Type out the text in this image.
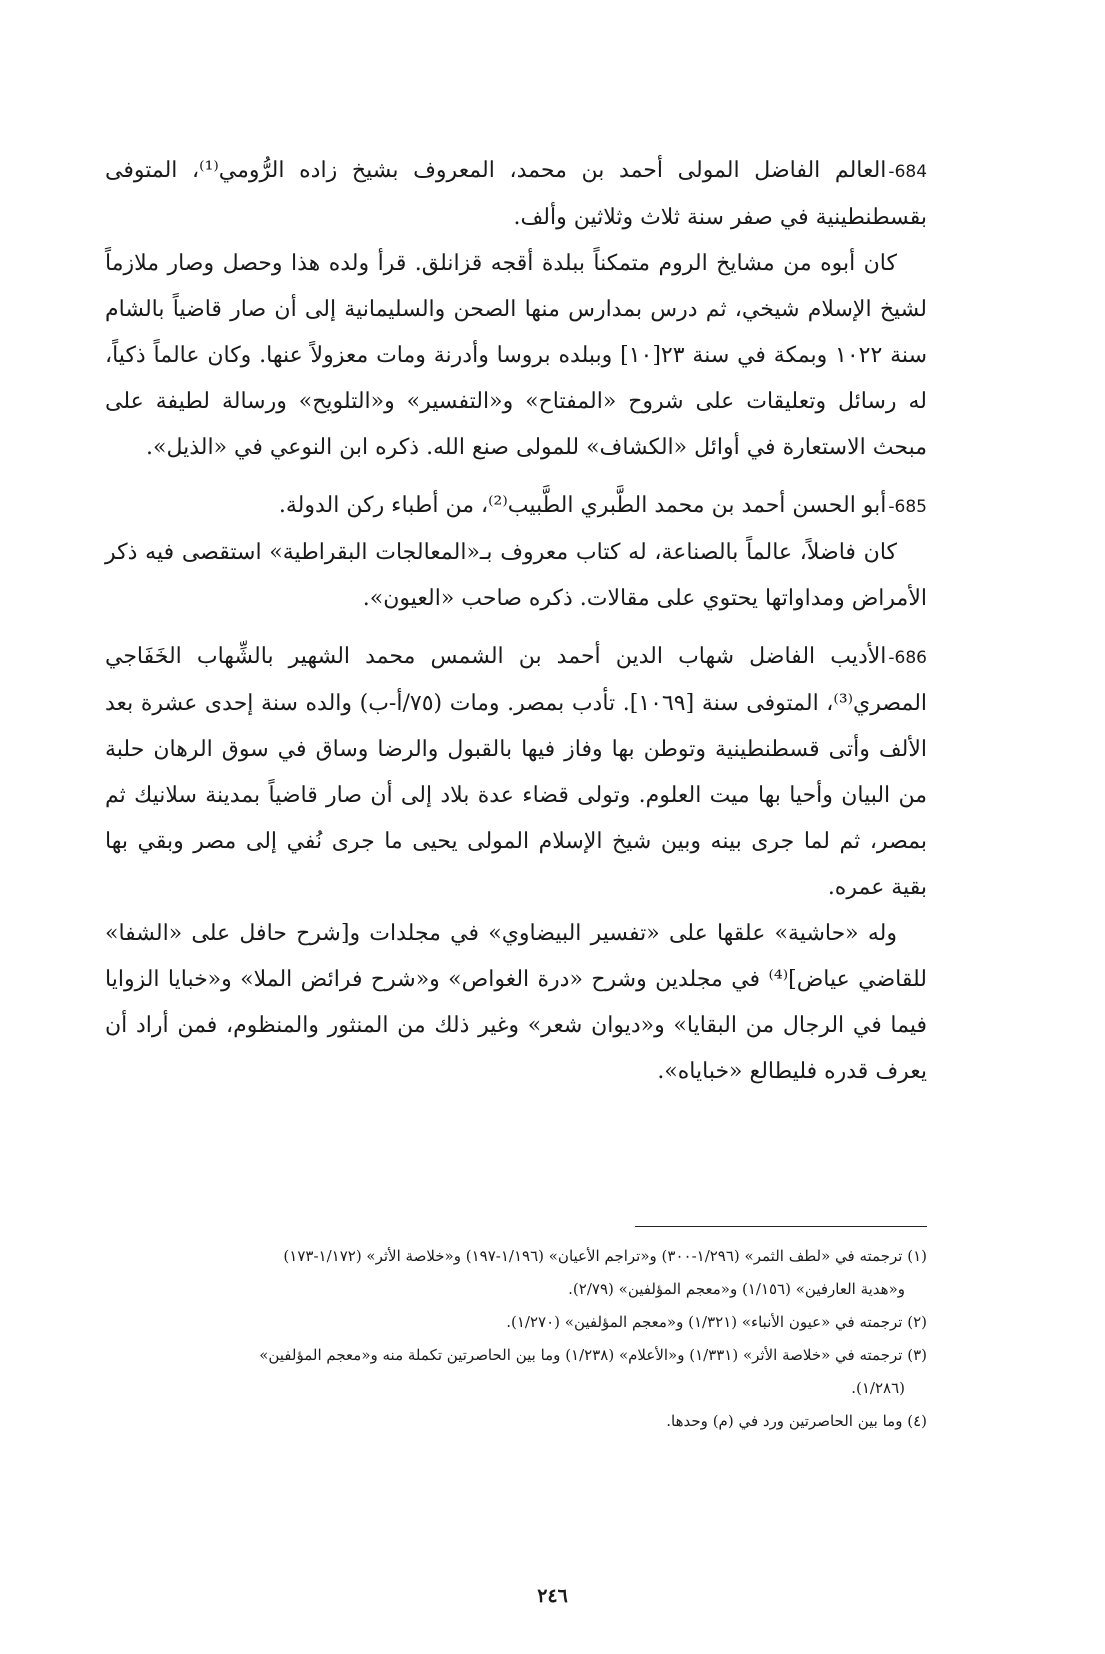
684-العالم الفاضل المولى أحمد بن محمد، المعروف بشيخ زاده الرُّومي⁽¹⁾، المتوفى بقسطنطينية في صفر سنة ثلاث وثلاثين وألف.

كان أبوه من مشايخ الروم متمكناً ببلدة أقجه قزانلق. قرأ ولده هذا وحصل وصار ملازماً لشيخ الإسلام شيخي، ثم درس بمدارس منها الصحن والسليمانية إلى أن صار قاضياً بالشام سنة ١٠٢٢ وبمكة في سنة ٢٣[١٠] وببلده بروسا وأدرنة ومات معزولاً عنها. وكان عالماً ذكياً، له رسائل وتعليقات على شروح «المفتاح» و«التفسير» و«التلويح» ورسالة لطيفة على مبحث الاستعارة في أوائل «الكشاف» للمولى صنع الله. ذكره ابن النوعي في «الذيل».

685-أبو الحسن أحمد بن محمد الطَّبري الطَّبيب⁽²⁾، من أطباء ركن الدولة.

كان فاضلاً، عالماً بالصناعة، له كتاب معروف بـ«المعالجات البقراطية» استقصى فيه ذكر الأمراض ومداواتها يحتوي على مقالات. ذكره صاحب «العيون».

686-الأديب الفاضل شهاب الدين أحمد بن الشمس محمد الشهير بالشِّهاب الخَفَاجي المصري⁽³⁾، المتوفى سنة [١٠٦٩]. تأدب بمصر. ومات (٧٥/أ-ب) والده سنة إحدى عشرة بعد الألف وأتى قسطنطينية وتوطن بها وفاز فيها بالقبول والرضا وساق في سوق الرهان حلبة من البيان وأحيا بها ميت العلوم. وتولى قضاء عدة بلاد إلى أن صار قاضياً بمدينة سلانيك ثم بمصر، ثم لما جرى بينه وبين شيخ الإسلام المولى يحيى ما جرى نُفي إلى مصر وبقي بها بقية عمره.

وله «حاشية» علقها على «تفسير البيضاوي» في مجلدات و[شرح حافل على «الشفا» للقاضي عياض]⁽⁴⁾ في مجلدين وشرح «درة الغواص» و«شرح فرائض الملا» و«خبايا الزوايا فيما في الرجال من البقايا» و«ديوان شعر» وغير ذلك من المنثور والمنظوم، فمن أراد أن يعرف قدره فليطالع «خباياه».

(١) ترجمته في «لطف الثمر» (١/٢٩٦-٣٠٠) و«تراجم الأعيان» (١/١٩٦-١٩٧) و«خلاصة الأثر» (١/١٧٢-١٧٣)

و«هدية العارفين» (١/١٥٦) و«معجم المؤلفين» (٢/٧٩).

(٢) ترجمته في «عيون الأنباء» (١/٣٢١) و«معجم المؤلفين» (١/٢٧٠).

(٣) ترجمته في «خلاصة الأثر» (١/٣٣١) و«الأعلام» (١/٢٣٨) وما بين الحاصرتين تكملة منه و«معجم المؤلفين»

(١/٢٨٦).

(٤) وما بين الحاصرتين ورد في (م) وحدها.

٢٤٦
